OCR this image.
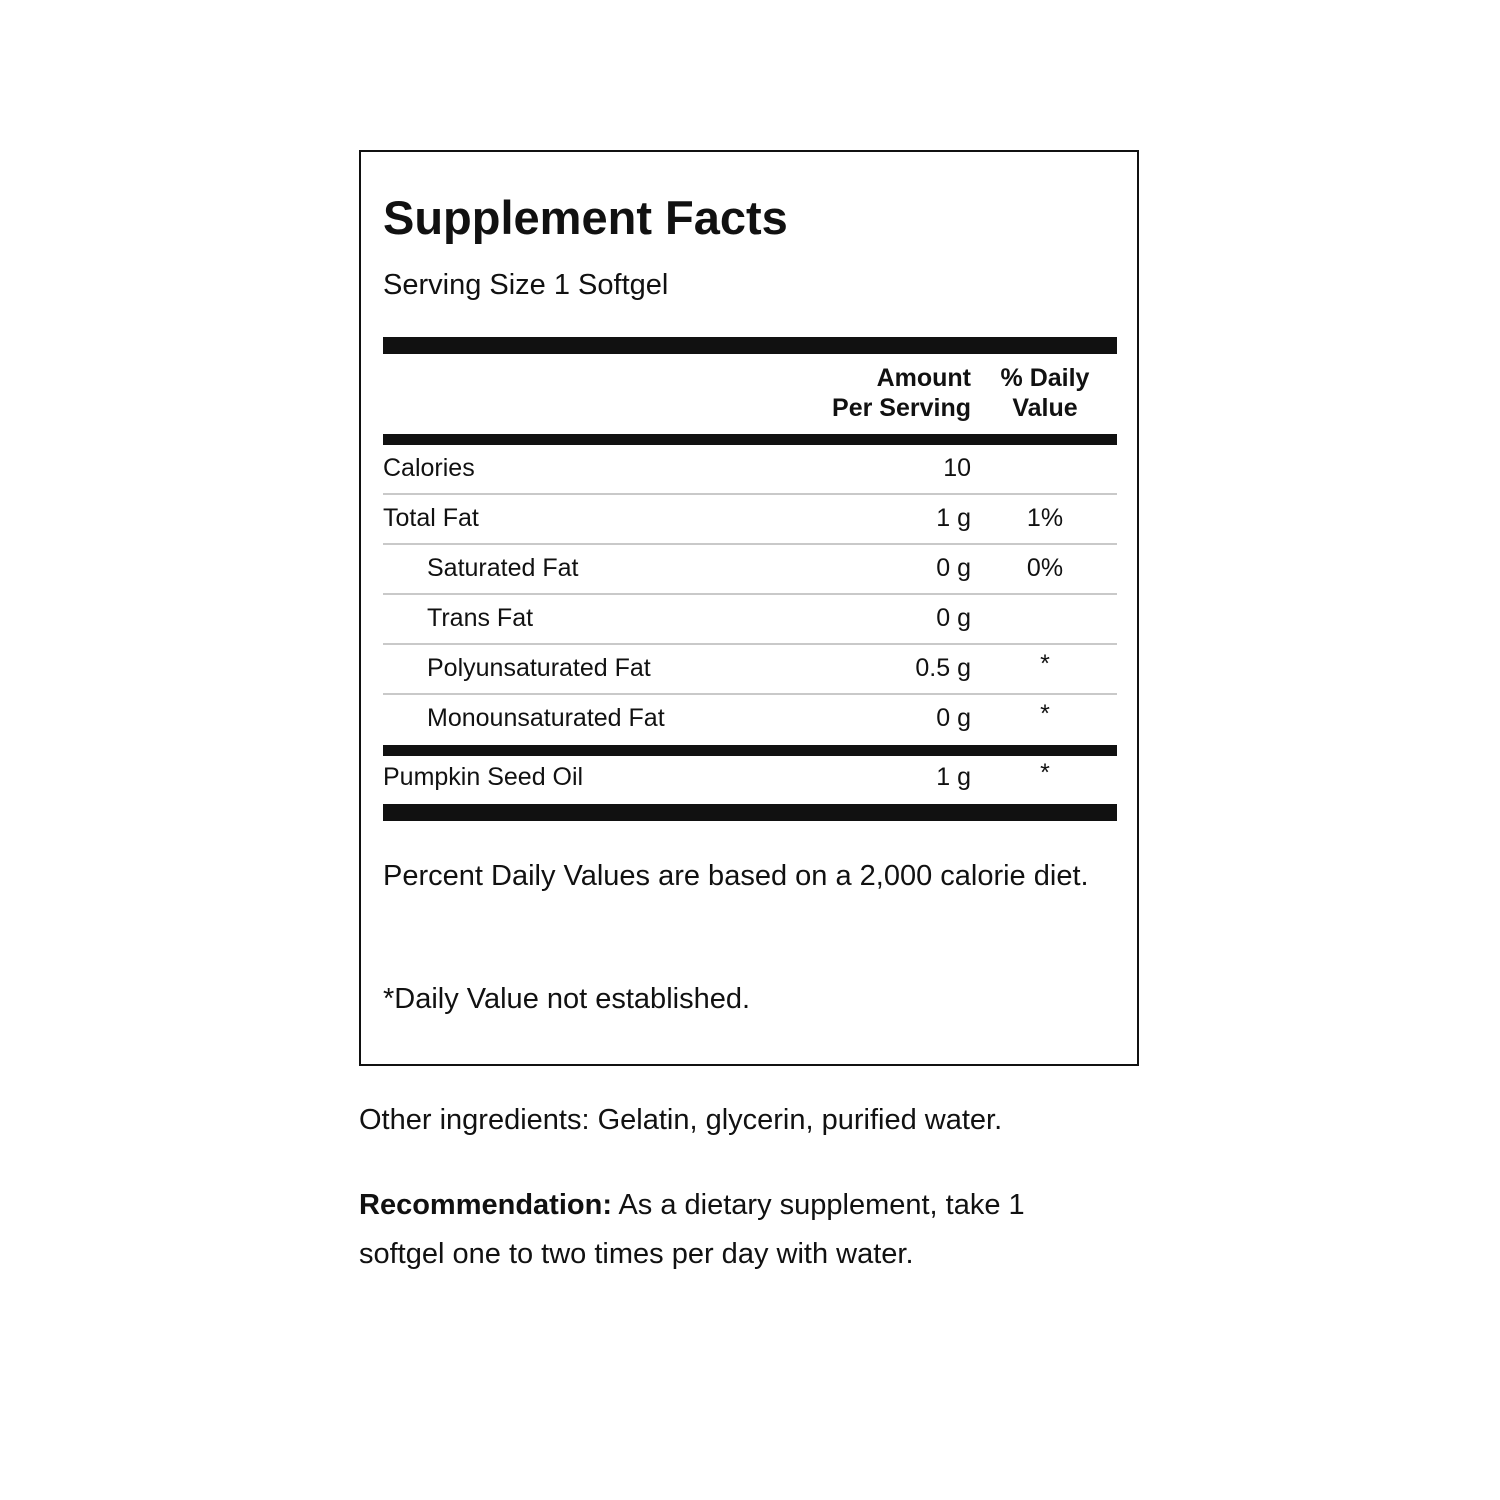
Supplement Facts
Serving Size 1 Softgel
Amount
Per Serving
% Daily
Value
Calories	10
Total Fat	1 g	1%
Saturated Fat	0 g	0%
Trans Fat	0 g
Polyunsaturated Fat	0.5 g	*
Monounsaturated Fat	0 g	*
Pumpkin Seed Oil	1 g	*
Percent Daily Values are based on a 2,000 calorie diet.
*Daily Value not established.
Other ingredients: Gelatin, glycerin, purified water.
Recommendation: As a dietary supplement, take 1 softgel one to two times per day with water.
